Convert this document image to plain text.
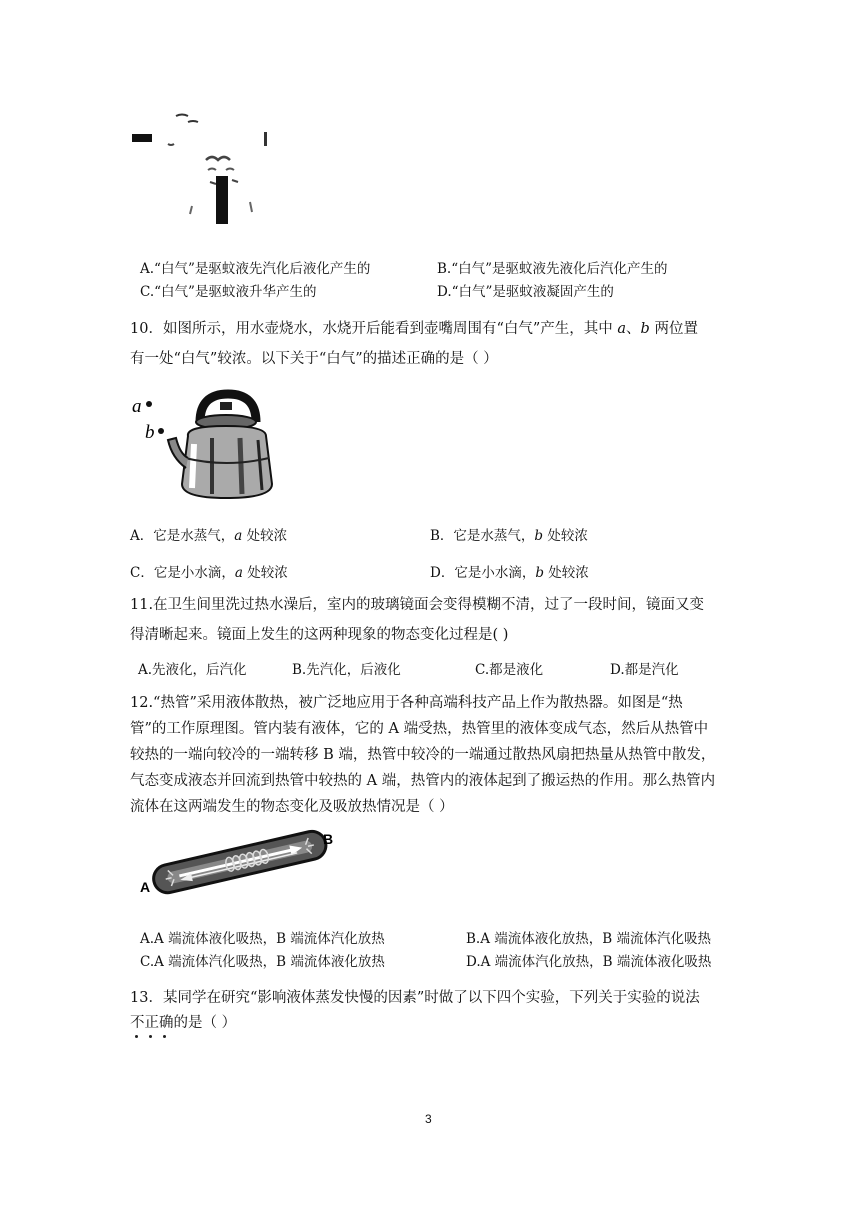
A.“白气”是驱蚊液先汽化后液化产生的	B.“白气”是驱蚊液先液化后汽化产生的
C.“白气”是驱蚊液升华产生的	D.“白气”是驱蚊液凝固产生的
10．如图所示，用水壶烧水，水烧开后能看到壶嘴周围有“白气”产生，其中 a、b 两位置
有一处“白气”较浓。以下关于“白气”的描述正确的是（ ）
a
b
A．它是水蒸气，a 处较浓	B．它是水蒸气，b 处较浓
C．它是小水滴，a 处较浓	D．它是小水滴，b 处较浓
11.在卫生间里洗过热水澡后，室内的玻璃镜面会变得模糊不清，过了一段时间，镜面又变
得清晰起来。镜面上发生的这两种现象的物态变化过程是( )
A.先液化，后汽化	B.先汽化，后液化	C.都是液化	D.都是汽化
12.“热管”采用液体散热，被广泛地应用于各种高端科技产品上作为散热器。如图是“热
管”的工作原理图。管内装有液体，它的 A 端受热，热管里的液体变成气态，然后从热管中
较热的一端向较冷的一端转移 B 端，热管中较冷的一端通过散热风扇把热量从热管中散发，
气态变成液态并回流到热管中较热的 A 端，热管内的液体起到了搬运热的作用。那么热管内
流体在这两端发生的物态变化及吸放热情况是（ ）
A
B
A.A 端流体液化吸热，B 端流体汽化放热	B.A 端流体液化放热，B 端流体汽化吸热
C.A 端流体汽化吸热，B 端流体液化放热	D.A 端流体汽化放热，B 端流体液化吸热
13．某同学在研究“影响液体蒸发快慢的因素”时做了以下四个实验，下列关于实验的说法
不正确的是（ ）
3
